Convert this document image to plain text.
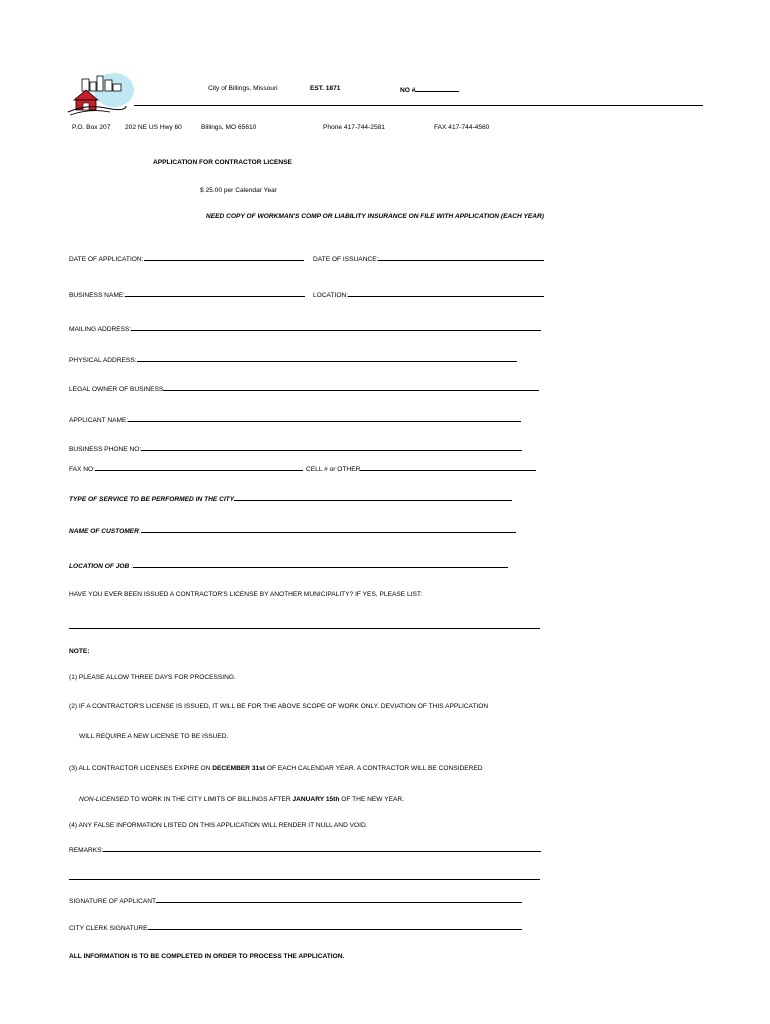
City of Billings, Missouri	EST. 1871	NO #
P.O. Box 207 202 NE US Hwy 60	Billings, MO 65610	Phone 417-744-2581	FAX 417-744-4560
APPLICATION FOR CONTRACTOR LICENSE
$ 25.00 per Calendar Year
NEED COPY OF WORKMAN'S COMP OR LIABILITY INSURANCE ON FILE WITH APPLICATION (EACH YEAR)
DATE OF APPLICATION:	DATE OF ISSUANCE:
BUSINESS NAME:	LOCATION:
MAILING ADDRESS:
PHYSICAL ADDRESS:
LEGAL OWNER OF BUSINESS
APPLICANT NAME:
BUSINESS PHONE NO:
FAX NO:	CELL # or OTHER
TYPE OF SERVICE TO BE PERFORMED IN THE CITY
NAME OF CUSTOMER:
LOCATION OF JOB :
HAVE YOU EVER BEEN ISSUED A CONTRACTOR'S LICENSE BY ANOTHER MUNICIPALITY? IF YES, PLEASE LIST:
NOTE:
(1) PLEASE ALLOW THREE DAYS FOR PROCESSING.
(2) IF A CONTRACTOR'S LICENSE IS ISSUED, IT WILL BE FOR THE ABOVE SCOPE OF WORK ONLY. DEVIATION OF THIS APPLICATION
WILL REQUIRE A NEW LICENSE TO BE ISSUED.
(3) ALL CONTRACTOR LICENSES EXPIRE ON DECEMBER 31st OF EACH CALENDAR YEAR. A CONTRACTOR WILL BE CONSIDERED
NON-LICENSED TO WORK IN THE CITY LIMITS OF BILLINGS AFTER JANUARY 15th OF THE NEW YEAR.
(4) ANY FALSE INFORMATION LISTED ON THIS APPLICATION WILL RENDER IT NULL AND VOID.
REMARKS:
SIGNATURE OF APPLICANT
CITY CLERK SIGNATURE
ALL INFORMATION IS TO BE COMPLETED IN ORDER TO PROCESS THE APPLICATION.
